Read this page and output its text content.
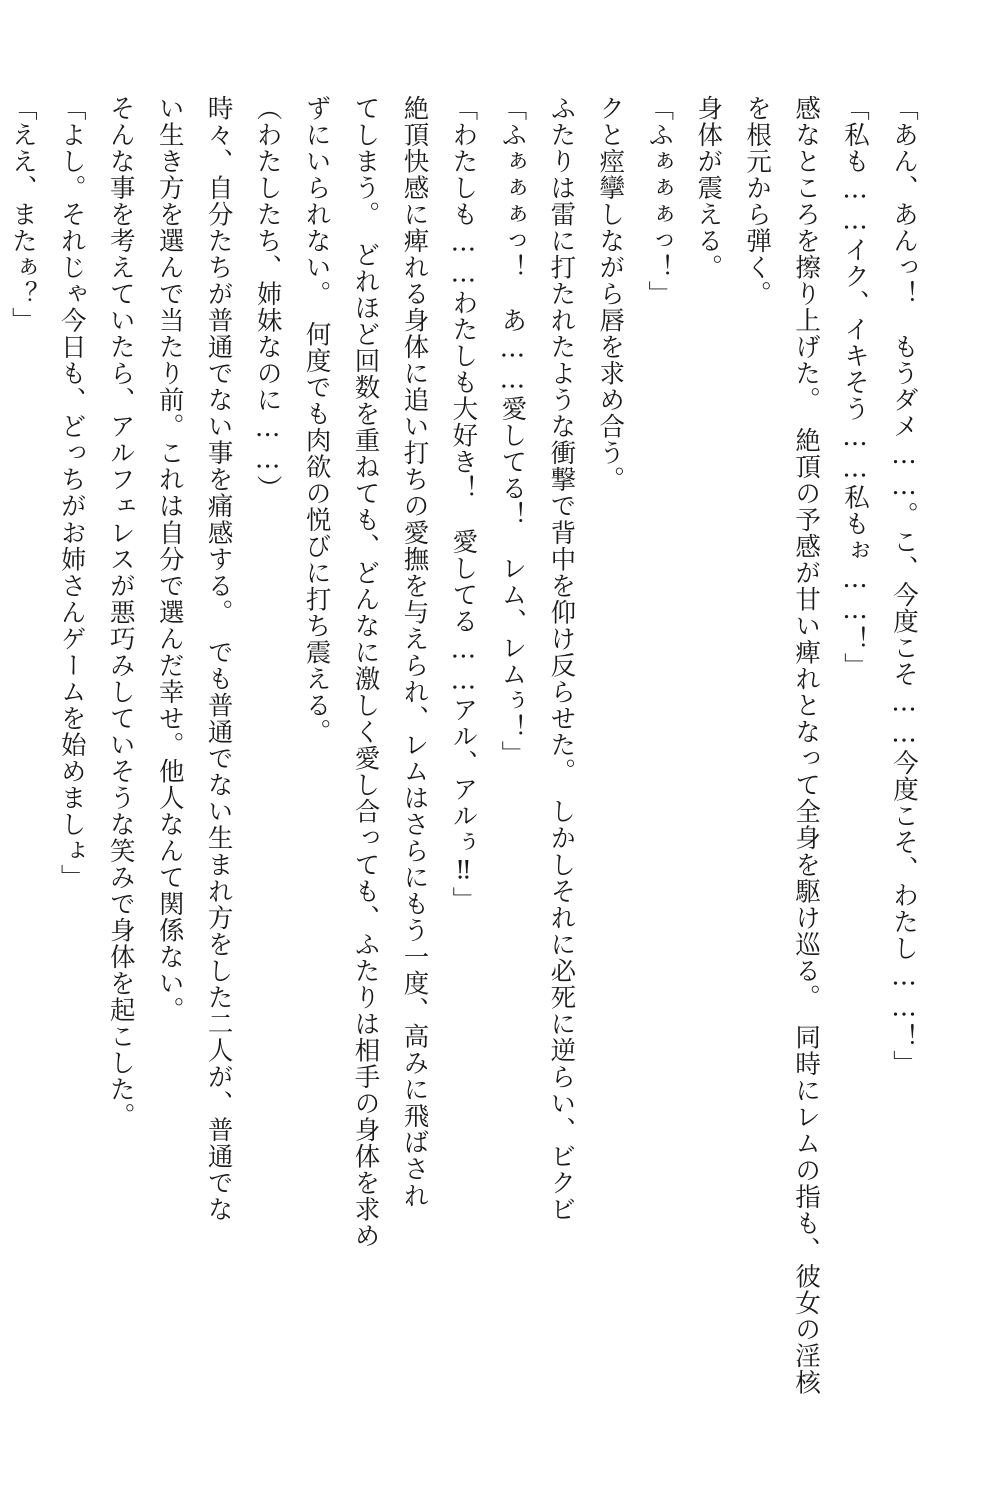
「あん、あんっ！　もうダメ……。こ、今度こそ……今度こそ、わたし……！」

「私も……イク、イキそう……私もぉ……！」

感なところを擦り上げた。　絶頂の予感が甘い痺れとなって全身を駆け巡る。　同時にレムの指も、彼女の淫核を根元から弾く。

身体が震える。

「ふぁぁぁっ！」

クと痙攣しながら唇を求め合う。

ふたりは雷に打たれたような衝撃で背中を仰け反らせた。　しかしそれに必死に逆らい、ビクビ

「ふぁぁぁっ！　あ……愛してる！　レム、レムぅ！」

「わたしも……わたしも大好き！　愛してる……アル、アルぅ‼」

絶頂快感に痺れる身体に追い打ちの愛撫を与えられ、レムはさらにもう一度、高みに飛ばされ

てしまう。　どれほど回数を重ねても、どんなに激しく愛し合っても、ふたりは相手の身体を求め

ずにいられない。　何度でも肉欲の悦びに打ち震える。

（わたしたち、姉妹なのに……）

時々、自分たちが普通でない事を痛感する。　でも普通でない生まれ方をした二人が、普通でな

い生き方を選んで当たり前。これは自分で選んだ幸せ。他人なんて関係ない。

そんな事を考えていたら、アルフェレスが悪巧みしていそうな笑みで身体を起こした。

「よし。それじゃ今日も、どっちがお姉さんゲームを始めましょ」

「ええ、またぁ？」
